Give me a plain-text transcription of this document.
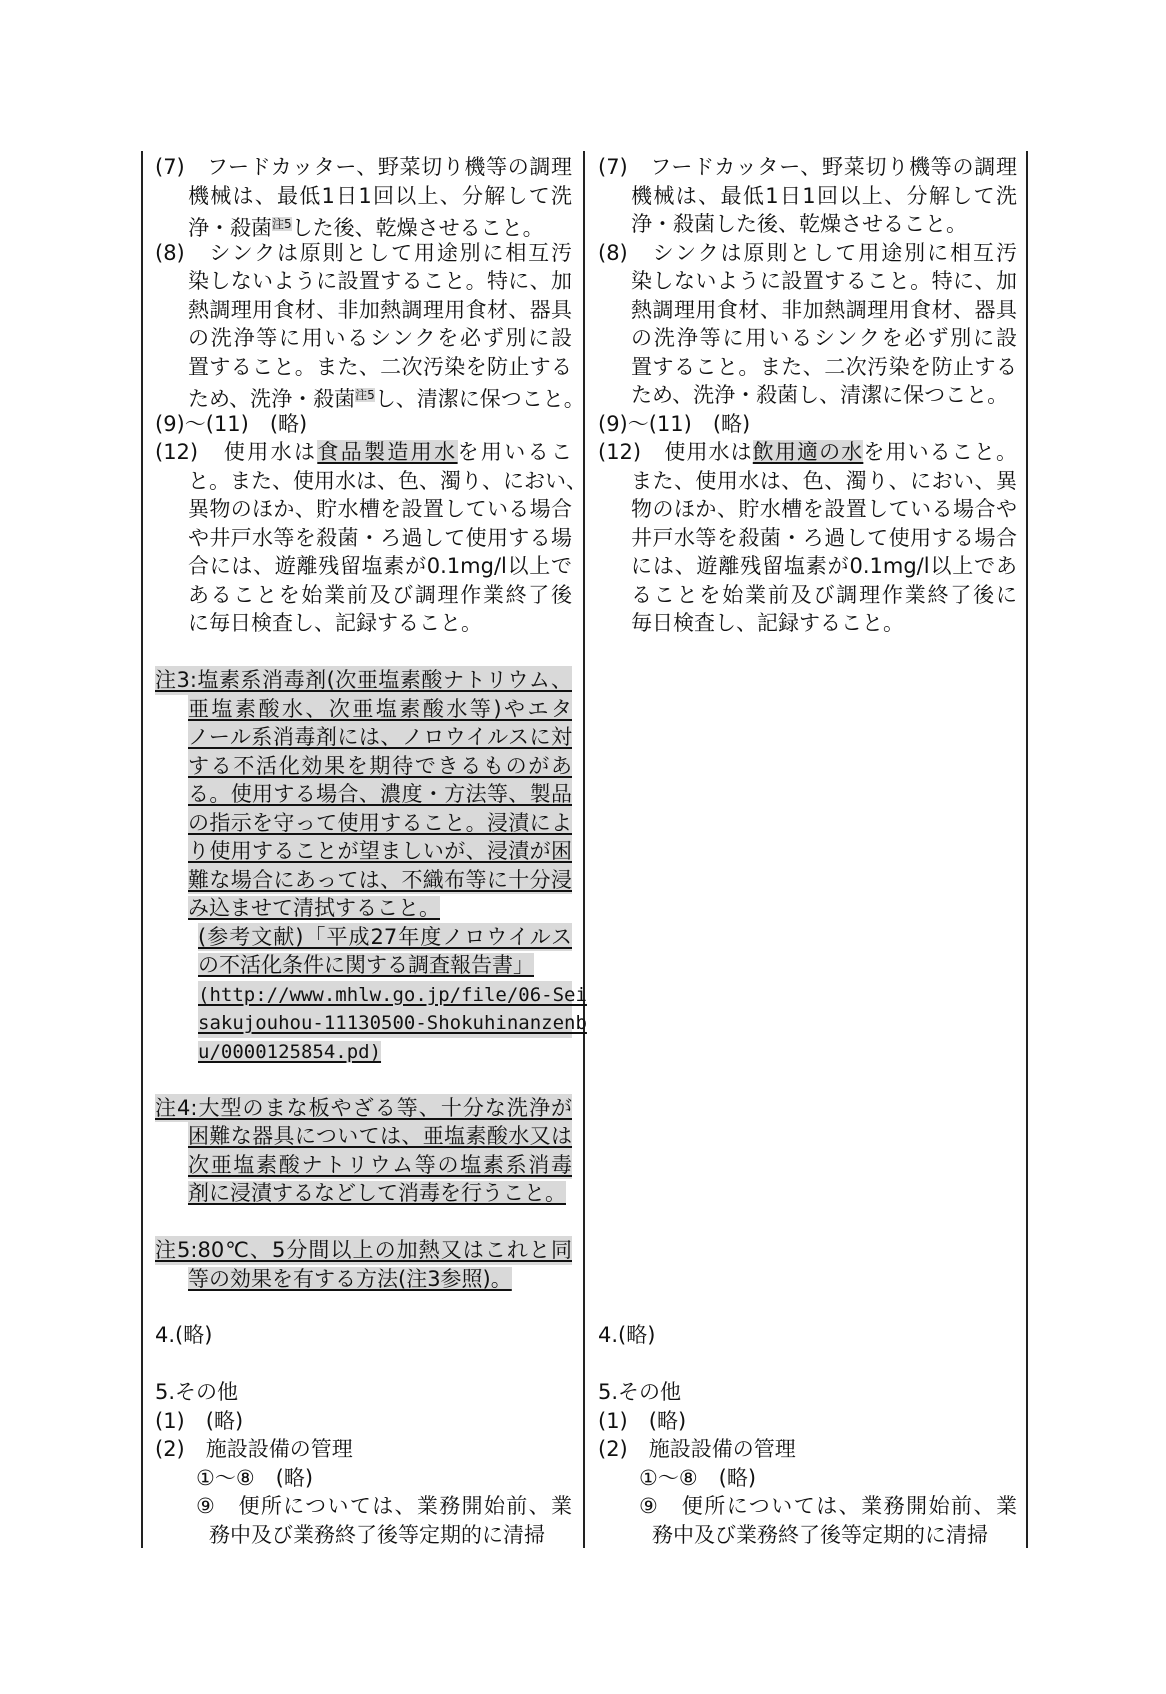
(7)　フードカッター、野菜切り機等の調理
機械は、最低1日1回以上、分解して洗
浄・殺菌$^{注5}$した後、乾燥させること。
(8)　シンクは原則として用途別に相互汚
染しないように設置すること。特に、加
熱調理用食材、非加熱調理用食材、器具
の洗浄等に用いるシンクを必ず別に設
置すること。また、二次汚染を防止する
ため、洗浄・殺菌$^{注5}$し、清潔に保つこと。
(9)〜(11)　(略)
(12)　使用水は食品製造用水を用いるこ
と。また、使用水は、色、濁り、におい、
異物のほか、貯水槽を設置している場合
や井戸水等を殺菌・ろ過して使用する場
合には、遊離残留塩素が0.1mg/l以上で
あることを始業前及び調理作業終了後
に毎日検査し、記録すること。
注3:塩素系消毒剤(次亜塩素酸ナトリウム、
亜塩素酸水、次亜塩素酸水等)やエタ
ノール系消毒剤には、ノロウイルスに対
する不活化効果を期待できるものがあ
る。使用する場合、濃度・方法等、製品
の指示を守って使用すること。浸漬によ
り使用することが望ましいが、浸漬が困
難な場合にあっては、不織布等に十分浸
み込ませて清拭すること。
(参考文献)「平成27年度ノロウイルス
の不活化条件に関する調査報告書」
(http://www.mhlw.go.jp/file/06-Sei
sakujouhou-11130500-Shokuhinanzenb
u/0000125854.pd)
注4:大型のまな板やざる等、十分な洗浄が
困難な器具については、亜塩素酸水又は
次亜塩素酸ナトリウム等の塩素系消毒
剤に浸漬するなどして消毒を行うこと。
注5:80℃、5分間以上の加熱又はこれと同
等の効果を有する方法(注3参照)。
4.(略)
5.その他
(1)　(略)
(2)　施設設備の管理
①〜⑧　(略)
⑨　便所については、業務開始前、業
務中及び業務終了後等定期的に清掃
(7)　フードカッター、野菜切り機等の調理
機械は、最低1日1回以上、分解して洗
浄・殺菌した後、乾燥させること。
(8)　シンクは原則として用途別に相互汚
染しないように設置すること。特に、加
熱調理用食材、非加熱調理用食材、器具
の洗浄等に用いるシンクを必ず別に設
置すること。また、二次汚染を防止する
ため、洗浄・殺菌し、清潔に保つこと。
(9)〜(11)　(略)
(12)　使用水は飲用適の水を用いること。
また、使用水は、色、濁り、におい、異
物のほか、貯水槽を設置している場合や
井戸水等を殺菌・ろ過して使用する場合
には、遊離残留塩素が0.1mg/l以上であ
ることを始業前及び調理作業終了後に
毎日検査し、記録すること。
4.(略)
5.その他
(1)　(略)
(2)　施設設備の管理
①〜⑧　(略)
⑨　便所については、業務開始前、業
務中及び業務終了後等定期的に清掃
